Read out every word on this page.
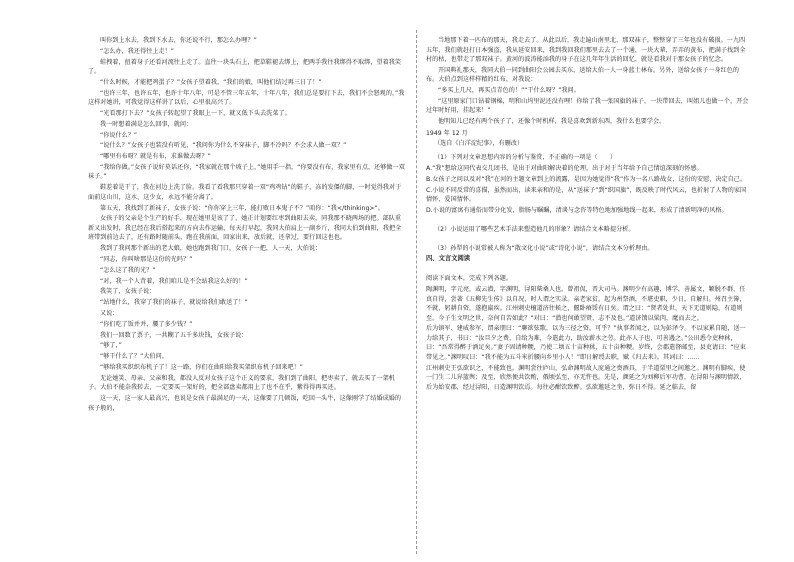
叫你到上水去，我到下水去，你还说不行，那怎么办哩？”

“怎么办，我还得往上走！”

蛙拽着，扭着身子还看河流往上走了。直往一块头石上，把草鞋褪去绑上，把两手我往我绑得不取绑，望着我笑了。

“什么时候，才能把鸡蛋子？”女孩子望着我，“我们的娘，叫他们结过再三日了！”

“也许三年，也许五年，也许十年八年，可是不管三年五年，十年八年，我们总是要打下去，我们不会怒观的，”我这样对她讲，可我觉得这样讲了以后，心里很高兴了。

“光看那打下去？”女孩子转起望了我眼上一下，就又低下头去洗菜了。

我一时想着满是怎么回事，就问：

“你说什么？”

“说什么？”女孩子也装没有听见，“我问你为什么不穿袜子，脚不冷吗？不会求人做一双？”

“哪里有布呀？就是有布，求谁做去呀？”

“我给你做。”女孩子说好莫话还你，“我家就在那个坡子上，”她用手一指，“你要没有布，我家里有点，还够做一双袜子。”

鞋差着是干了，我在河边上洗了脸。我看了看我那只穿着一双“鸡鸡钻”的鞋子，冻的发僵的脚，一时觉得我对于面前这山川，这水，这少女，永远不能分离了。

第五天，我找到了新袜子，女孩子说：“你你穿上三年，能打败日本鬼子不？”咱你：“我</thinking>”。

女孩子的父亲是个生产的好手，现在她里是该了了，她正计划要红枣到曲阳去卖，同我那不晓两场的把。部队重新又出发时，我已经在我后搭起来的方向去作运输，每天打早起，我同大伯肩上一副乡斤，我同大伯到曲阳，我把全班带到前边去了，还有路时随前头，跑在我前面，回家出来，放后就，还拿过，要行回这也也。

我到了我问那个新出的老大娘，她也跑到我门口，女孩子一把，人一天，大伯说：

“同志，你叫啥那是这份的光吗？”

“怎么这了我的光？”

“对，我一个人背着，我们咱儿是不会站我这么好的！”

我笑了，女孩子说：

“站地什么，我穿了我们的袜子，就说给我们敢送了！”

又说：

“你们吃了饭并并，腰了多少钱？”

我们一回数了票子，一共糊了五千多块钱，女孩子说：

“够了，”

“够干什么了？”大伯问。

“够给我买织织布机子了！这一路，你们在曲阳给我买架织布机子回来吧！”

无论她笑、母亲、父亲和我，都没人反对女孩子这个正义的要求，我们到了曲阳，把枣卖了，就去买了一架机子。大伯不能杂我转去，一定要买一架好的，把全部盘卖都用上了也不在乎，紫得得再买还。

这一天，这一家人最高兴，也说是女孩子最满足的一天，这像要了几顿饭，吃回一头牛，这像刚学了结婚成婚的孩子般的，

当地那下着一匹布的那天，我走去了。从此以后，我走遍山南里北，那双袜子，整整穿了三年也没有破损。一九四五年，我们就赶打日本强盗，我从延安回来，我到我回我们那里去去了一个通，一块大辈，弄弄的黄布，把满子找到全村的枯，也带走了那双袜子。黄河的波涛能添我的身子在这几年年生活的回忆，就是看我对于那女孩子的忆念。

开国典礼那天，我同大伯一同到曲阳会公园去买东，送给大伯一人一身蓝士林布。另外，送给女孩子一身红色的布。大伯点到这样样精的红布，对我说：

“多买上几尺，再买点青色的！”“干什么呀？”我问。

“这里原家门口钻着钢棉，明和山坞里泥还没有哩！你给了我一张国旗的袜子，一块带回去，叫姐儿也做一个，开会过年时好用，挂起来！”

他明知儿已经有两个孩子了，还像个时机样，我是喜欢到新东西，我什么也要学会。

1949 年 12 月

（选自《白洋淀纪事》，有删改）

（1）下列对文章思想内容的分析与鉴赏，不正确的一项是（　　）

A.“我”想给这同代表交几团书，是出于对曲阳解决着的伦理，出于对于当年给予自己情谊深刻的怀感。

B.女孩子之问以及对“我”在河的主题文章到上的流露，是因为她觉得“我”作为一名八路战女，这份的安慰，决定自己。

C.小说不同反常的喜描，虽然而出，读来亲和的是，从“送袜子”到“织国旗”，既反映了时代风云，也折射了人物的家国情怀，爱国情怀。

D.小说的富寓有通俗而带分化发，脂肠与瞩瞩，清谈与念咨等特色地加强地线一起来，形成了清新明净的风格。

（2）小说运用了哪些艺术手法来塑造他几的形象？请结合文本略提分析。

（3）孙犁的小说常被人称为“散文化小说”或“诗化小说”，请结合文本分析理由。

四、文言文阅读

阅读下面文本，完成下列各题。

陶渊明，字元亮，或云潜，字渊明，浔阳柴桑人也。曾祖侃，晋大司马。渊明少有高趣，博学，善属文，颖脱不群，任真自得，尝著《五柳先生传》以自况，时人谓之实录。亲老家贫，起为州祭酒，不堪吏职，少日，自解归。州召主簿，不就，躬耕自资，遂抱羸疾。江州刺史檀道济往候之，偃卧瘠馁有日矣。谓之曰：“贤者处世，天下无道则隐，有道则至。今子生文明之世，奈何自苦如此？”对曰：“潜也何敢望贤，志不及也。”道济馈以粱肉，麾而去之。

后为镇军、建威参军，谓亲朋曰：“聊欲弦歌，以为三径之资，可乎？”执事者闻之，以为彭泽令。不以家累自随，送一力给其子，书曰：“汝旦夕之费，自给为难，今遣此力，助汝薪水之劳。此亦人子也，可善遇之。”公田悉令吏种秫，曰：“吾常得醉于酒足矣。”妻子固请种粳，乃使二顷五十亩种秫，五十亩种粳。岁终，会郡遣督邮至，县吏请曰：“应束带见之。”渊明叹曰：“我不能为五斗米折腰向乡里小人！”即日解绶去职，赋《归去来》。其词曰：……

江州刺史王弘欲识之，不能致也。渊明尝往庐山，弘命渊明故人庞通之赍酒具，于半道栗里之间邀之。渊明有脚疾，使一门生二儿舁篮舆；及至，欣然便共饮酌，俄顷弘至，亦无忤也。先是，颜延之为刘柳后军功曹，在浔阳与渊明情款，后为始安郡，经过浔阳，日造渊明饮焉。每往必酣饮致醉。弘欲邀延之坐，弥日不得。延之临去，留
